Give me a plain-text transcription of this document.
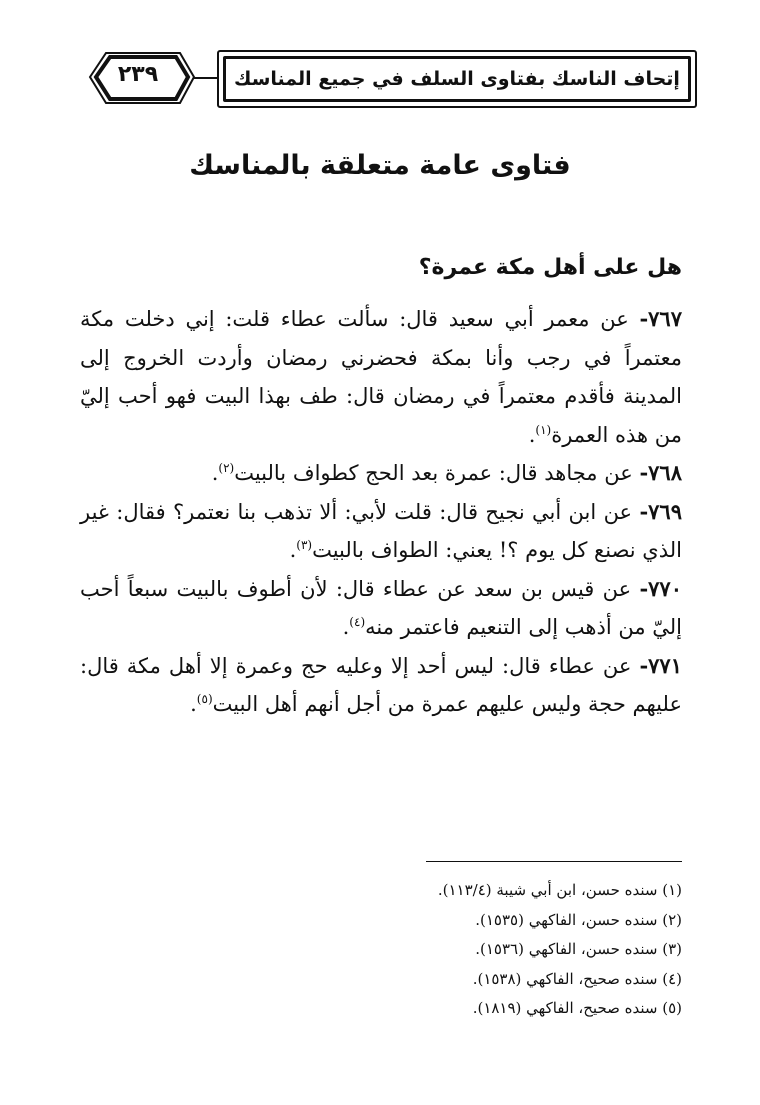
٢٣٩	إتحاف الناسك بفتاوى السلف في جميع المناسك
فتاوى عامة متعلقة بالمناسك
هل على أهل مكة عمرة؟

٧٦٧- عن معمر أبي سعيد قال: سألت عطاء قلت: إني دخلت مكة معتمراً في رجب وأنا بمكة فحضرني رمضان وأردت الخروج إلى المدينة فأقدم معتمراً في رمضان قال: طف بهذا البيت فهو أحب إليّ من هذه العمرة$^{(١)}$.

٧٦٨- عن مجاهد قال: عمرة بعد الحج كطواف بالبيت$^{(٢)}$.

٧٦٩- عن ابن أبي نجيح قال: قلت لأبي: ألا تذهب بنا نعتمر؟ فقال: غير الذي نصنع كل يوم ؟! يعني: الطواف بالبيت$^{(٣)}$.

٧٧٠- عن قيس بن سعد عن عطاء قال: لأن أطوف بالبيت سبعاً أحب إليّ من أذهب إلى التنعيم فاعتمر منه$^{(٤)}$.

٧٧١- عن عطاء قال: ليس أحد إلا وعليه حج وعمرة إلا أهل مكة قال: عليهم حجة وليس عليهم عمرة من أجل أنهم أهل البيت$^{(٥)}$.

(١) سنده حسن، ابن أبي شيبة (١١٣/٤).
(٢) سنده حسن، الفاكهي (١٥٣٥).
(٣) سنده حسن، الفاكهي (١٥٣٦).
(٤) سنده صحيح، الفاكهي (١٥٣٨).
(٥) سنده صحيح، الفاكهي (١٨١٩).
